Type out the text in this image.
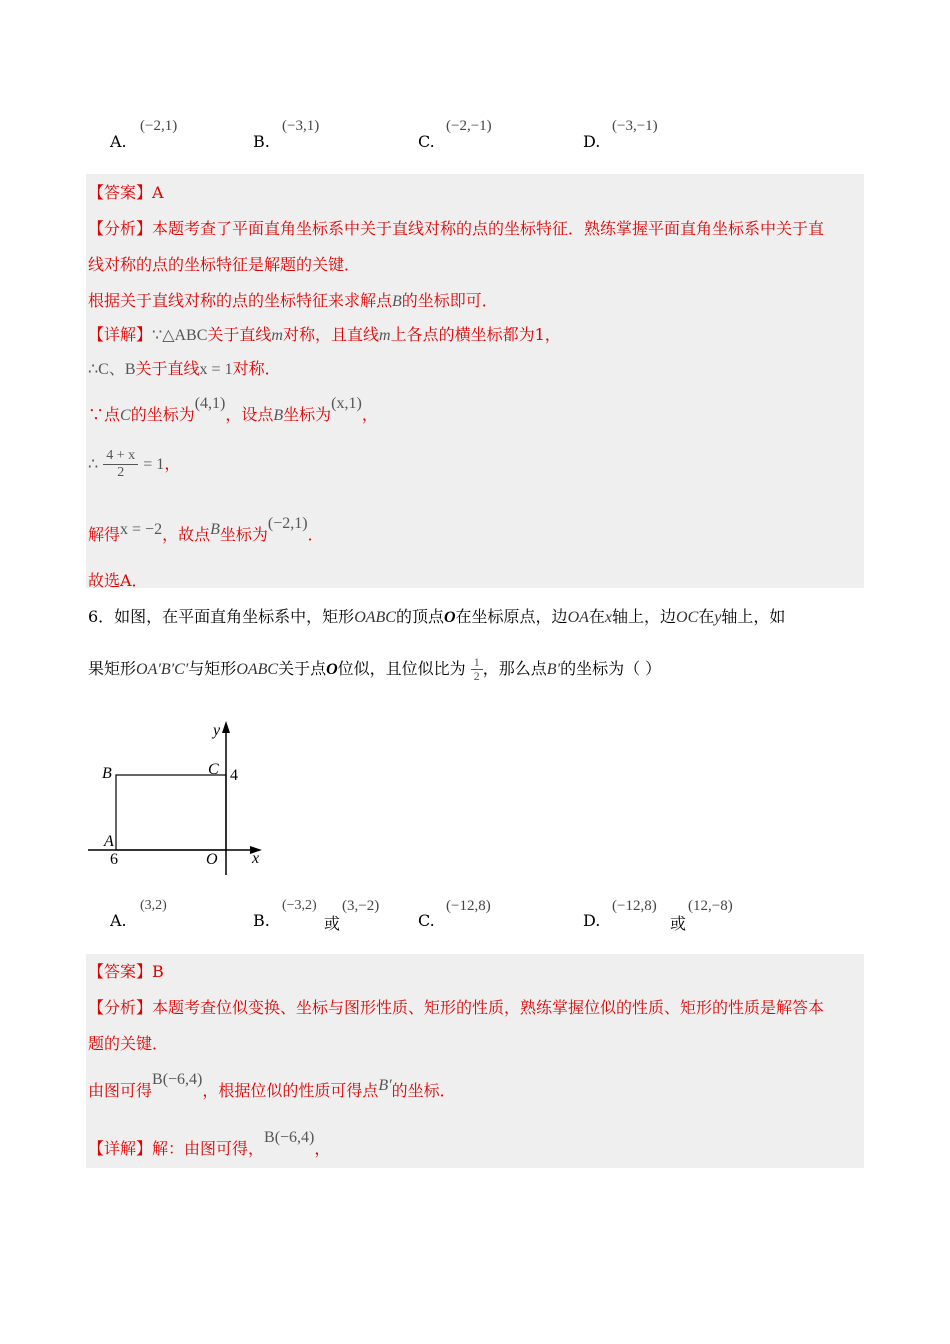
A.
(−2,1)
B.
(−3,1)
C.
(−2,−1)
D.
(−3,−1)
【答案】A
【分析】本题考查了平面直角坐标系中关于直线对称的点的坐标特征．熟练掌握平面直角坐标系中关于直
线对称的点的坐标特征是解题的关键．
根据关于直线对称的点的坐标特征来求解点B的坐标即可．
【详解】∵△ABC关于直线m对称，且直线m上各点的横坐标都为1，
∴C、B关于直线x = 1对称．
∵点C的坐标为(4,1)，设点B坐标为(x,1)，
∴ $\frac{4 + x}{2} = 1$，
解得x = −2，故点B坐标为(−2,1)．
故选A．
6．如图，在平面直角坐标系中，矩形OABC的顶点O在坐标原点，边OA在x轴上，边OC在y轴上，如
果矩形OA′B′C′与矩形OABC关于点O位似，且位似比为 $\frac{1}{2}$ ，那么点B′的坐标为（ ）
y
x
B	C 4
A
6	O
A.
(3,2)
B.
(−3,2)
或
(3,−2)
C.
(−12,8)
D.
(−12,8)
或
(12,−8)
【答案】B
【分析】本题考查位似变换、坐标与图形性质、矩形的性质，熟练掌握位似的性质、矩形的性质是解答本
题的关键．
由图可得B(−6,4)，根据位似的性质可得点B′的坐标．
【详解】解：由图可得，B(−6,4)，
